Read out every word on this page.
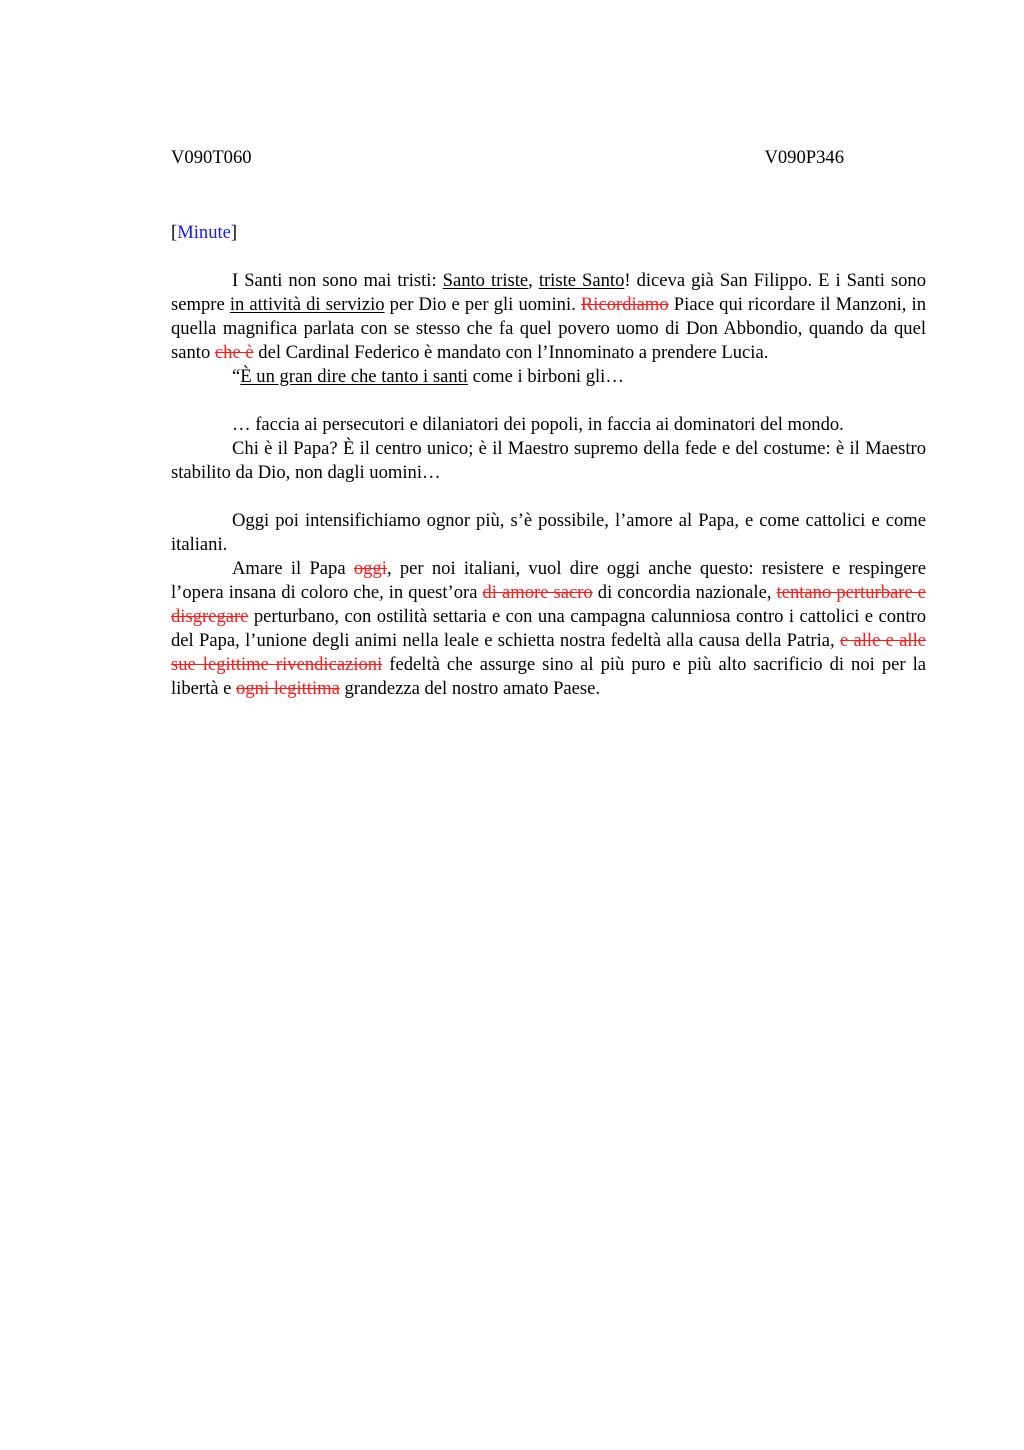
V090T060	V090P346
[Minute]

I Santi non sono mai tristi: Santo triste, triste Santo! diceva già San Filippo. E i Santi sono sempre in attività di servizio per Dio e per gli uomini. Ricordiamo Piace qui ricordare il Manzoni, in quella magnifica parlata con se stesso che fa quel povero uomo di Don Abbondio, quando da quel santo che è del Cardinal Federico è mandato con l’Innominato a prendere Lucia.

“È un gran dire che tanto i santi come i birboni gli…

… faccia ai persecutori e dilaniatori dei popoli, in faccia ai dominatori del mondo.

Chi è il Papa? È il centro unico; è il Maestro supremo della fede e del costume: è il Maestro stabilito da Dio, non dagli uomini…

Oggi poi intensifichiamo ognor più, s’è possibile, l’amore al Papa, e come cattolici e come italiani.

Amare il Papa oggi, per noi italiani, vuol dire oggi anche questo: resistere e respingere l’opera insana di coloro che, in quest’ora di amore sacro di concordia nazionale, tentano perturbare e disgregare perturbano, con ostilità settaria e con una campagna calunniosa contro i cattolici e contro del Papa, l’unione degli animi nella leale e schietta nostra fedeltà alla causa della Patria, e alle e alle sue legittime rivendicazioni fedeltà che assurge sino al più puro e più alto sacrificio di noi per la libertà e ogni legittima grandezza del nostro amato Paese.
